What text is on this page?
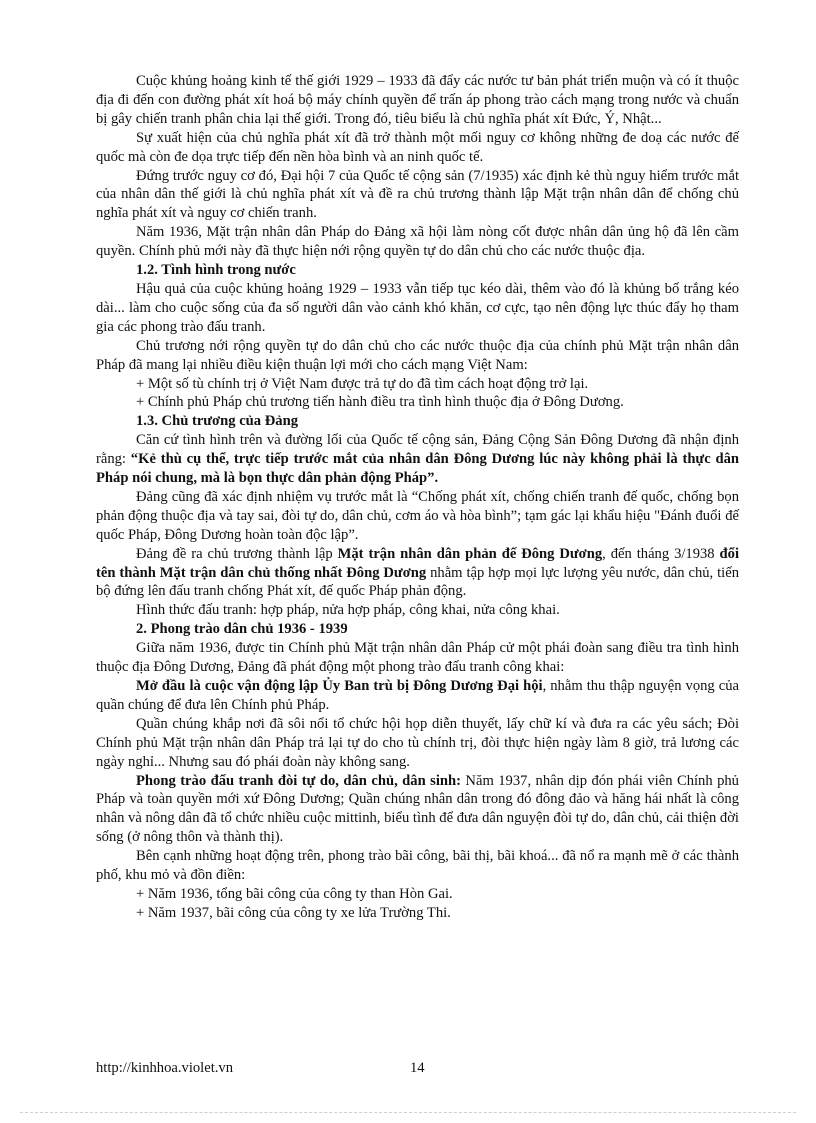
Cuộc khủng hoảng kinh tế thế giới 1929 – 1933 đã đẩy các nước tư bản phát triển muộn và có ít thuộc địa đi đến con đường phát xít hoá bộ máy chính quyền để trấn áp phong trào cách mạng trong nước và chuẩn bị gây chiến tranh phân chia lại thế giới. Trong đó, tiêu biểu là chủ nghĩa phát xít Đức, Ý, Nhật...

Sự xuất hiện của chủ nghĩa phát xít đã trở thành một mối nguy cơ không những đe doạ các nước đế quốc mà còn đe dọa trực tiếp đến nền hòa bình và an ninh quốc tế.

Đứng trước nguy cơ đó, Đại hội 7 của Quốc tế cộng sản (7/1935) xác định kẻ thù nguy hiểm trước mắt của nhân dân thế giới là chủ nghĩa phát xít và đề ra chủ trương thành lập Mặt trận nhân dân để chống chủ nghĩa phát xít và nguy cơ chiến tranh.

Năm 1936, Mặt trận nhân dân Pháp do Đảng xã hội làm nòng cốt được nhân dân ủng hộ đã lên cầm quyền. Chính phủ mới này đã thực hiện nới rộng quyền tự do dân chủ cho các nước thuộc địa.

1.2. Tình hình trong nước

Hậu quả của cuộc khủng hoảng 1929 – 1933 vẫn tiếp tục kéo dài, thêm vào đó là khủng bố trắng kéo dài... làm cho cuộc sống của đa số người dân vào cảnh khó khăn, cơ cực, tạo nên động lực thúc đẩy họ tham gia các phong trào đấu tranh.

Chủ trương nới rộng quyền tự do dân chủ cho các nước thuộc địa của chính phủ Mặt trận nhân dân Pháp đã mang lại nhiều điều kiện thuận lợi mới cho cách mạng Việt Nam:

+ Một số tù chính trị ở Việt Nam được trả tự do đã tìm cách hoạt động trở lại.

+ Chính phủ Pháp chủ trương tiến hành điều tra tình hình thuộc địa ở Đông Dương.

1.3. Chủ trương của Đảng

Căn cứ tình hình trên và đường lối của Quốc tế cộng sản, Đảng Cộng Sản Đông Dương đã nhận định rằng: “Kẻ thù cụ thể, trực tiếp trước mắt của nhân dân Đông Dương lúc này không phải là thực dân Pháp nói chung, mà là bọn thực dân phản động Pháp”.

Đảng cũng đã xác định nhiệm vụ trước mắt là “Chống phát xít, chống chiến tranh đế quốc, chống bọn phản động thuộc địa và tay sai, đòi tự do, dân chủ, cơm áo và hòa bình”; tạm gác lại khẩu hiệu "Đánh đuổi đế quốc Pháp, Đông Dương hoàn toàn độc lập”.

Đảng đề ra chủ trương thành lập Mặt trận nhân dân phản đế Đông Dương, đến tháng 3/1938 đổi tên thành Mặt trận dân chủ thống nhất Đông Dương nhằm tập hợp mọi lực lượng yêu nước, dân chủ, tiến bộ đứng lên đấu tranh chống Phát xít, đế quốc Pháp phản động.

Hình thức đấu tranh: hợp pháp, nửa hợp pháp, công khai, nửa công khai.

2. Phong trào dân chủ 1936 - 1939

Giữa năm 1936, được tin Chính phủ Mặt trận nhân dân Pháp cử một phái đoàn sang điều tra tình hình thuộc địa Đông Dương, Đảng đã phát động một phong trào đấu tranh công khai:

Mở đầu là cuộc vận động lập Ủy Ban trù bị Đông Dương Đại hội, nhằm thu thập nguyện vọng của quần chúng để đưa lên Chính phủ Pháp.

Quần chúng khắp nơi đã sôi nổi tổ chức hội họp diễn thuyết, lấy chữ kí và đưa ra các yêu sách; Đòi Chính phủ Mặt trận nhân dân Pháp trả lại tự do cho tù chính trị, đòi thực hiện ngày làm 8 giờ, trả lương các ngày nghỉ... Nhưng sau đó phái đoàn này không sang.

Phong trào đấu tranh đòi tự do, dân chủ, dân sinh: Năm 1937, nhân dịp đón phái viên Chính phủ Pháp và toàn quyền mới xứ Đông Dương; Quần chúng nhân dân trong đó đông đảo và hăng hái nhất là công nhân và nông dân đã tổ chức nhiều cuộc mittinh, biểu tình để đưa dân nguyện đòi tự do, dân chủ, cải thiện đời sống (ở nông thôn và thành thị).

Bên cạnh những hoạt động trên, phong trào bãi công, bãi thị, bãi khoá... đã nổ ra mạnh mẽ ở các thành phố, khu mỏ và đồn điền:

+ Năm 1936, tổng bãi công của công ty than Hòn Gai.

+ Năm 1937, bãi công của công ty xe lửa Trường Thi.

http://kinhhoa.violet.vn	14
